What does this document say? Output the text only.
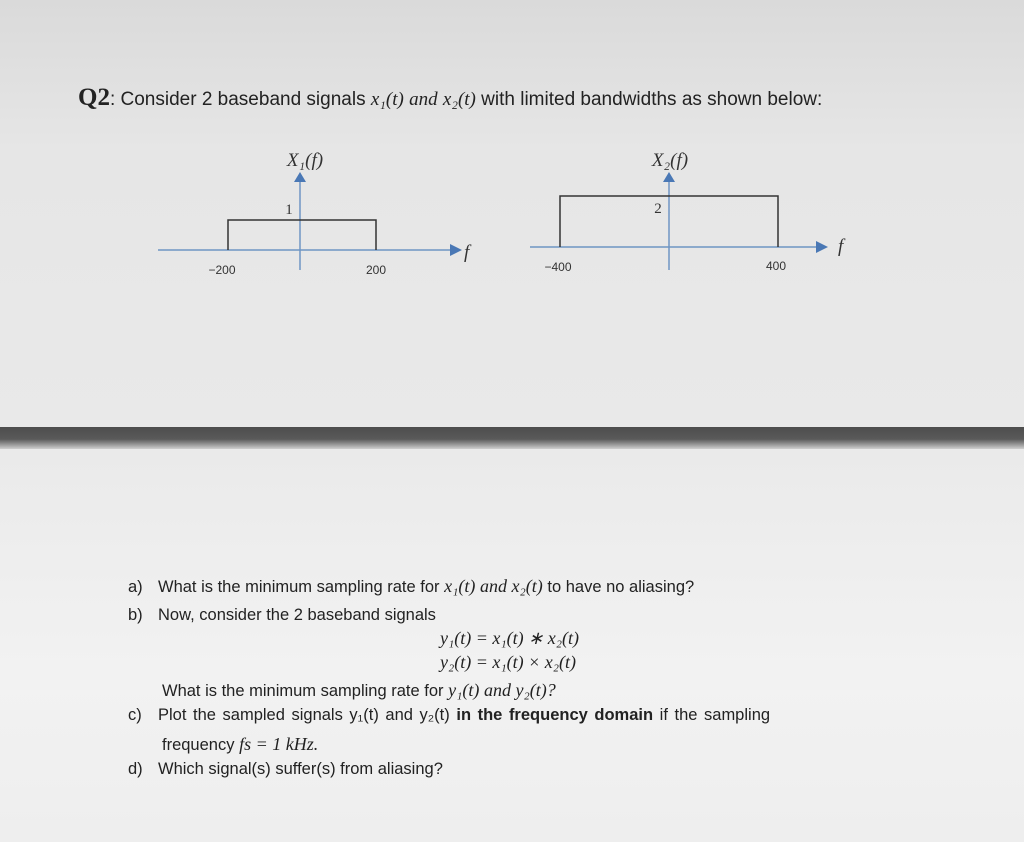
Q2: Consider 2 baseband signals x₁(t) and x₂(t) with limited bandwidths as shown below:
X₁(f)
f
1
−200	200
X₂(f)
f
2
−400	400
a) What is the minimum sampling rate for x₁(t) and x₂(t) to have no aliasing?
b) Now, consider the 2 baseband signals
y₁(t) = x₁(t) ∗ x₂(t)
y₂(t) = x₁(t) × x₂(t)
What is the minimum sampling rate for y₁(t) and y₂(t)?
c) Plot the sampled signals y₁(t) and y₂(t) in the frequency domain if the sampling
frequency fs = 1 kHz.
d) Which signal(s) suffer(s) from aliasing?
